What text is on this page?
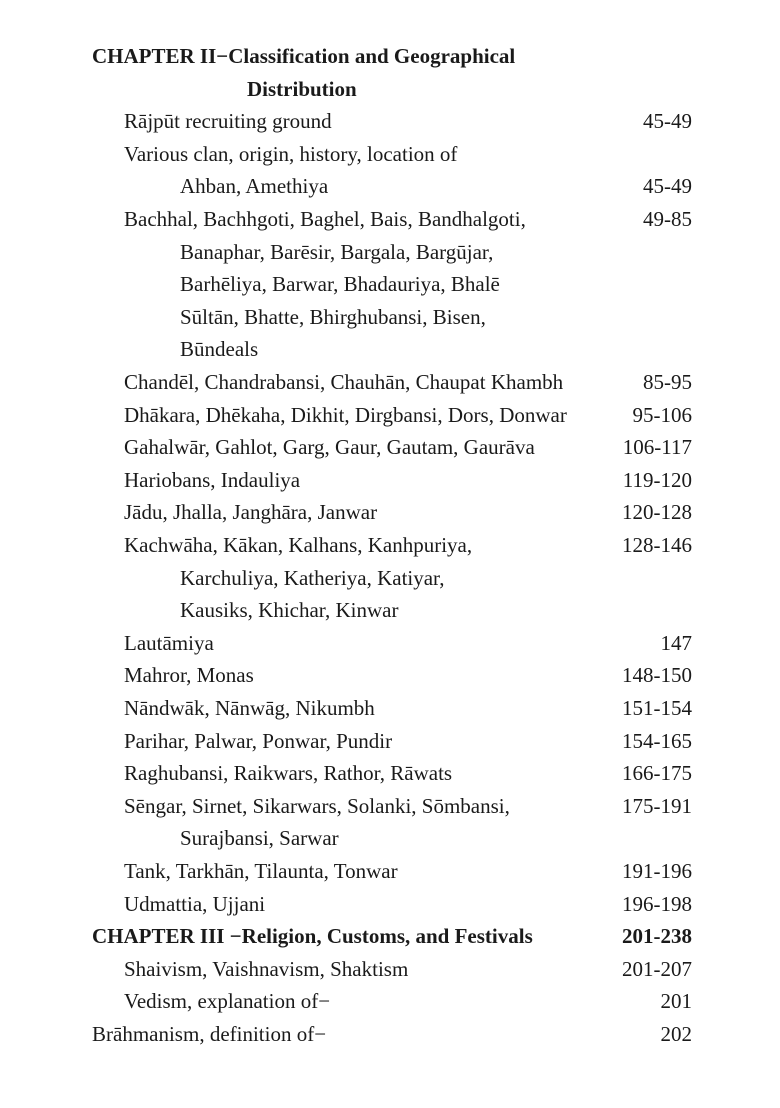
CHAPTER II−Classification and Geographical
Distribution
Rājpūt recruiting ground	45-49
Various clan, origin, history, location of
Ahban, Amethiya	45-49
Bachhal, Bachhgoti, Baghel, Bais, Bandhalgoti,	49-85
Banaphar, Barēsir, Bargala, Bargūjar,
Barhēliya, Barwar, Bhadauriya, Bhalē
Sūltān, Bhatte, Bhirghubansi, Bisen,
Būndeals
Chandēl, Chandrabansi, Chauhān, Chaupat Khambh	85-95
Dhākara, Dhēkaha, Dikhit, Dirgbansi, Dors, Donwar	95-106
Gahalwār, Gahlot, Garg, Gaur, Gautam, Gaurāva	106-117
Hariobans, Indauliya	119-120
Jādu, Jhalla, Janghāra, Janwar	120-128
Kachwāha, Kākan, Kalhans, Kanhpuriya,	128-146
Karchuliya, Katheriya, Katiyar,
Kausiks, Khichar, Kinwar
Lautāmiya	147
Mahror, Monas	148-150
Nāndwāk, Nānwāg, Nikumbh	151-154
Parihar, Palwar, Ponwar, Pundir	154-165
Raghubansi, Raikwars, Rathor, Rāwats	166-175
Sēngar, Sirnet, Sikarwars, Solanki, Sōmbansi,	175-191
Surajbansi, Sarwar
Tank, Tarkhān, Tilaunta, Tonwar	191-196
Udmattia, Ujjani	196-198
CHAPTER III −Religion, Customs, and Festivals	201-238
Shaivism, Vaishnavism, Shaktism	201-207
Vedism, explanation of−	201
Brāhmanism, definition of−	202
